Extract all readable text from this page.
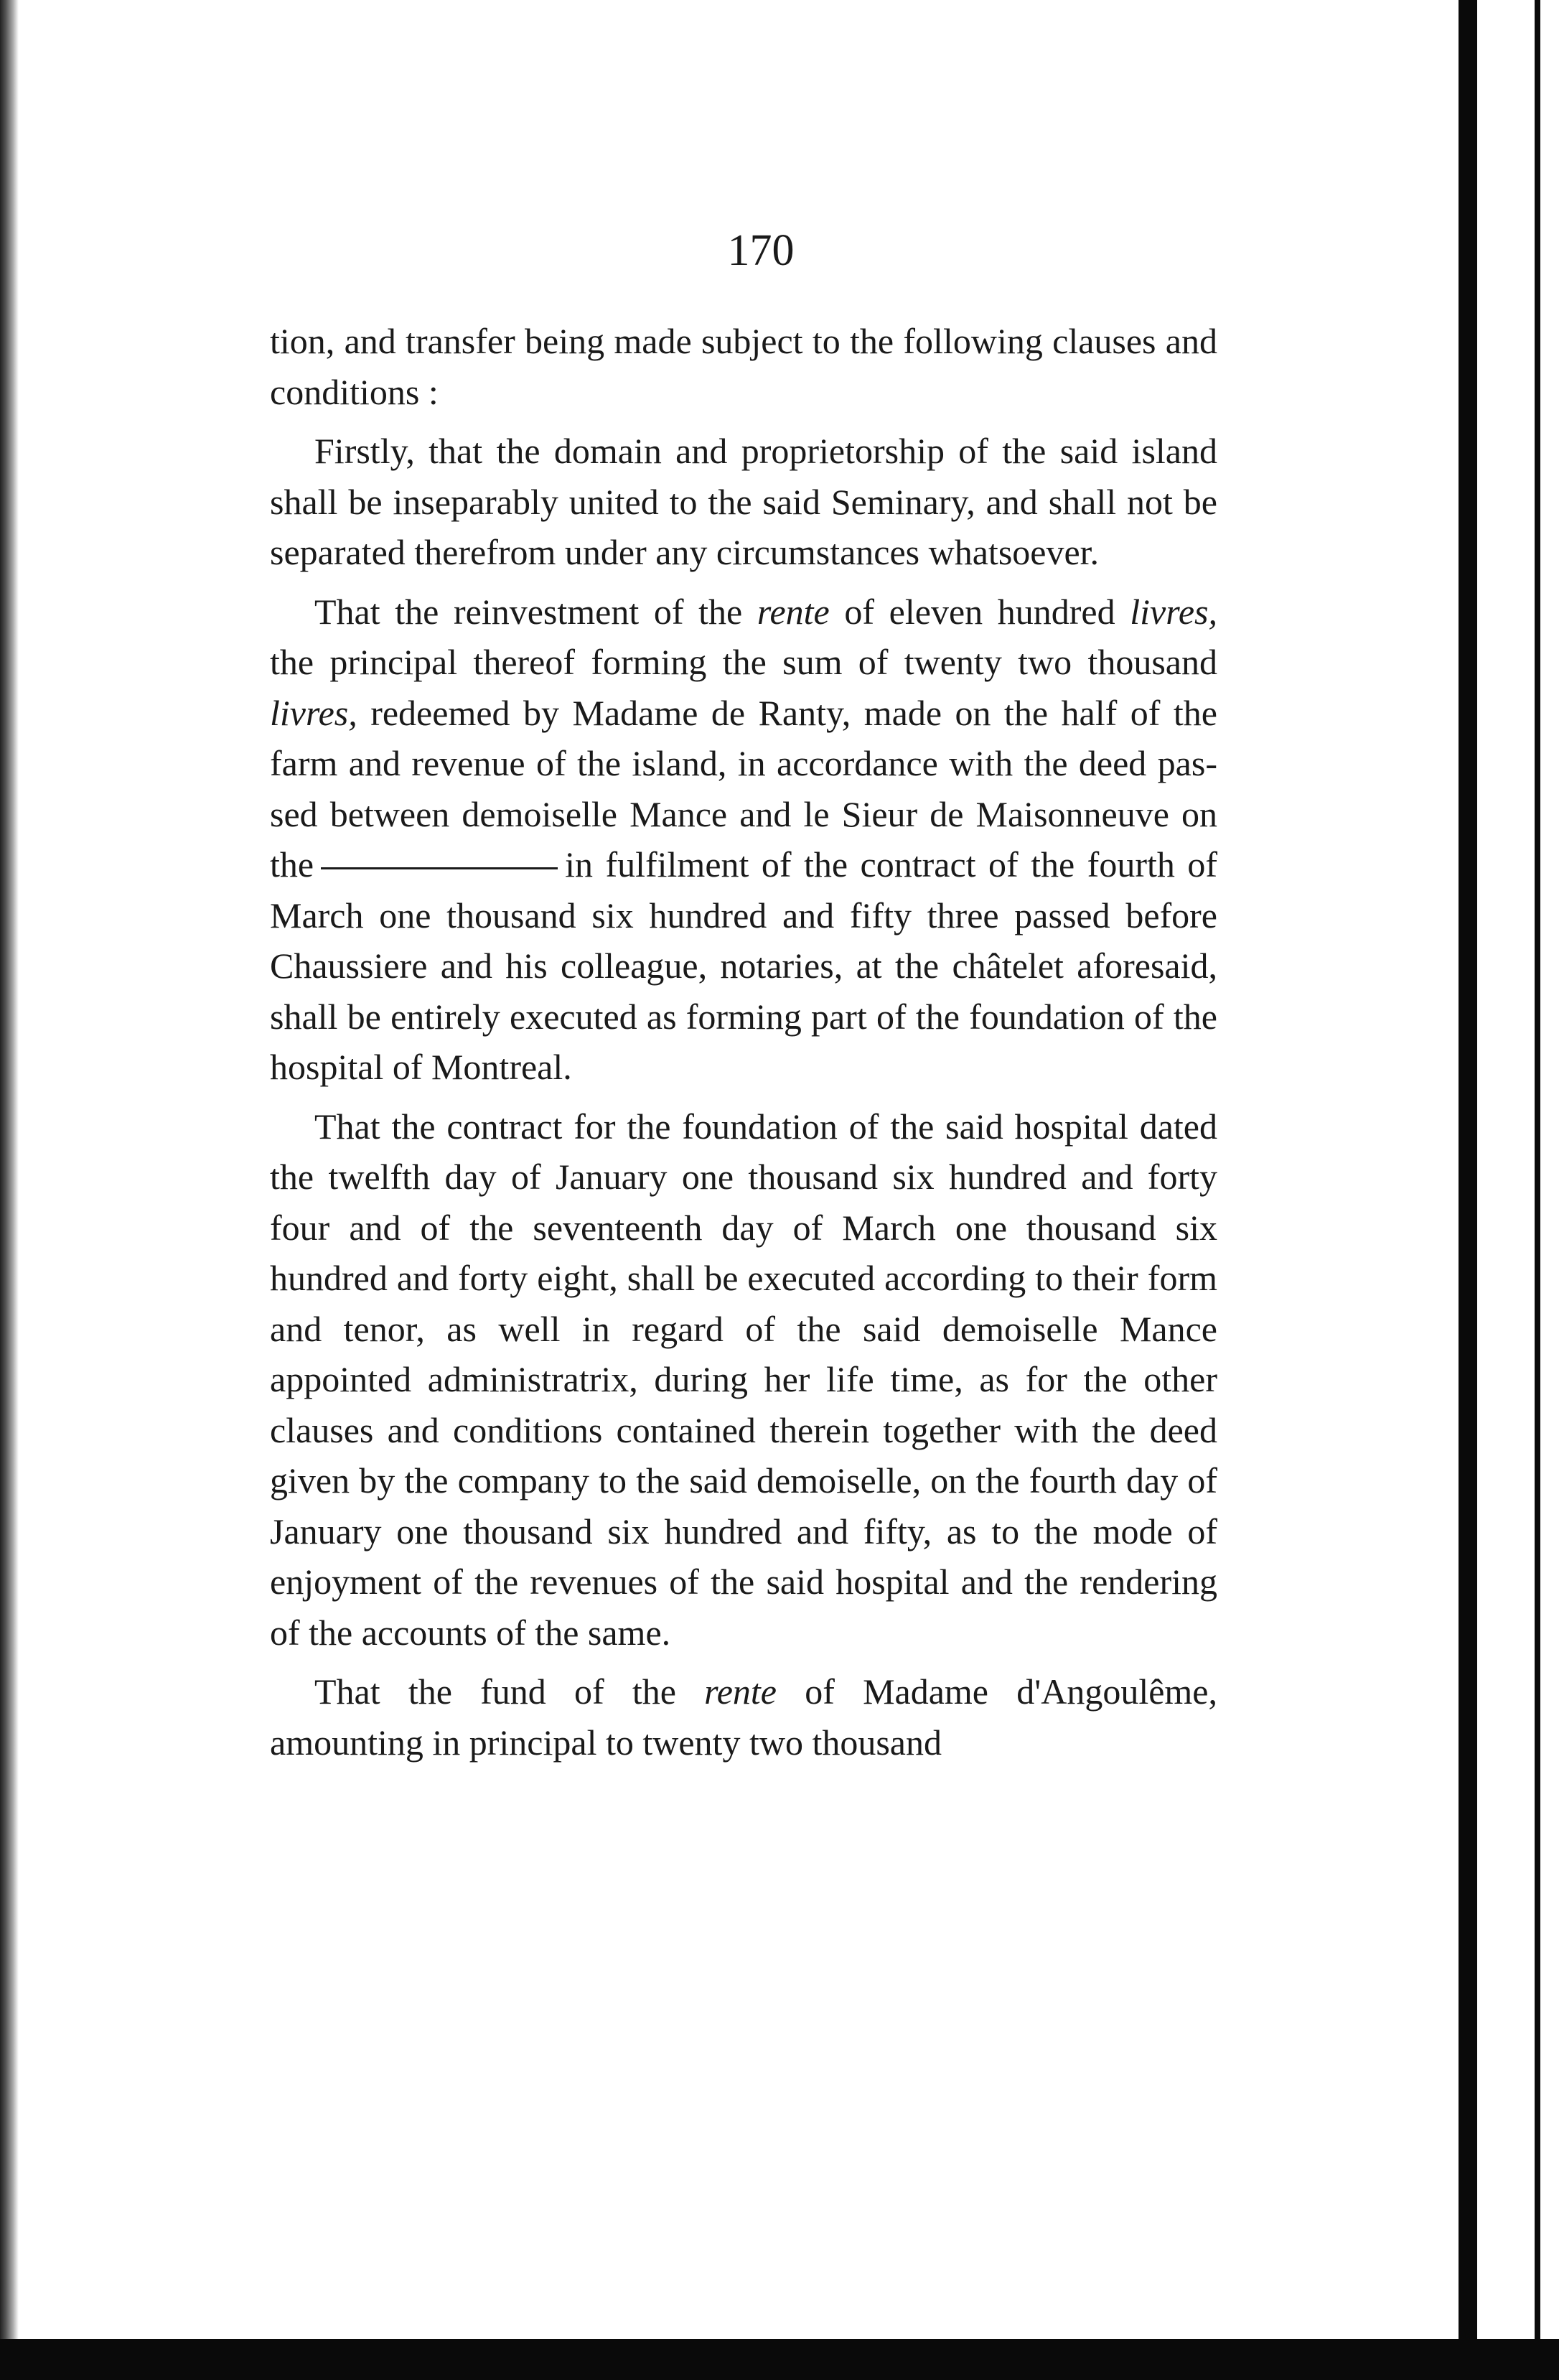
170

tion, and transfer being made subject to the following clauses and conditions :

Firstly, that the domain and proprietorship of the said island shall be inseparably united to the said Seminary, and shall not be separated therefrom under any circumstances whatsoever.

That the reinvestment of the rente of eleven hundred livres, the principal thereof forming the sum of twenty two thousand livres, redeemed by Madame de Ranty, made on the half of the farm and revenue of the island, in accordance with the deed passed between demoiselle Mance and le Sieur de Maisonneuve on the	in fulfilment of the contract of the fourth of March one thousand six hundred and fifty three passed before Chaussiere and his colleague, notaries, at the châtelet aforesaid, shall be entirely executed as forming part of the foundation of the hospital of Montreal.

That the contract for the foundation of the said hospital dated the twelfth day of January one thousand six hundred and forty four and of the seventeenth day of March one thousand six hundred and forty eight, shall be executed according to their form and tenor, as well in regard of the said demoiselle Mance appointed administratrix, during her life time, as for the other clauses and conditions contained therein together with the deed given by the company to the said demoiselle, on the fourth day of January one thousand six hundred and fifty, as to the mode of enjoyment of the revenues of the said hospital and the rendering of the accounts of the same.

That the fund of the rente of Madame d'Angoulême, amounting in principal to twenty two thousand
